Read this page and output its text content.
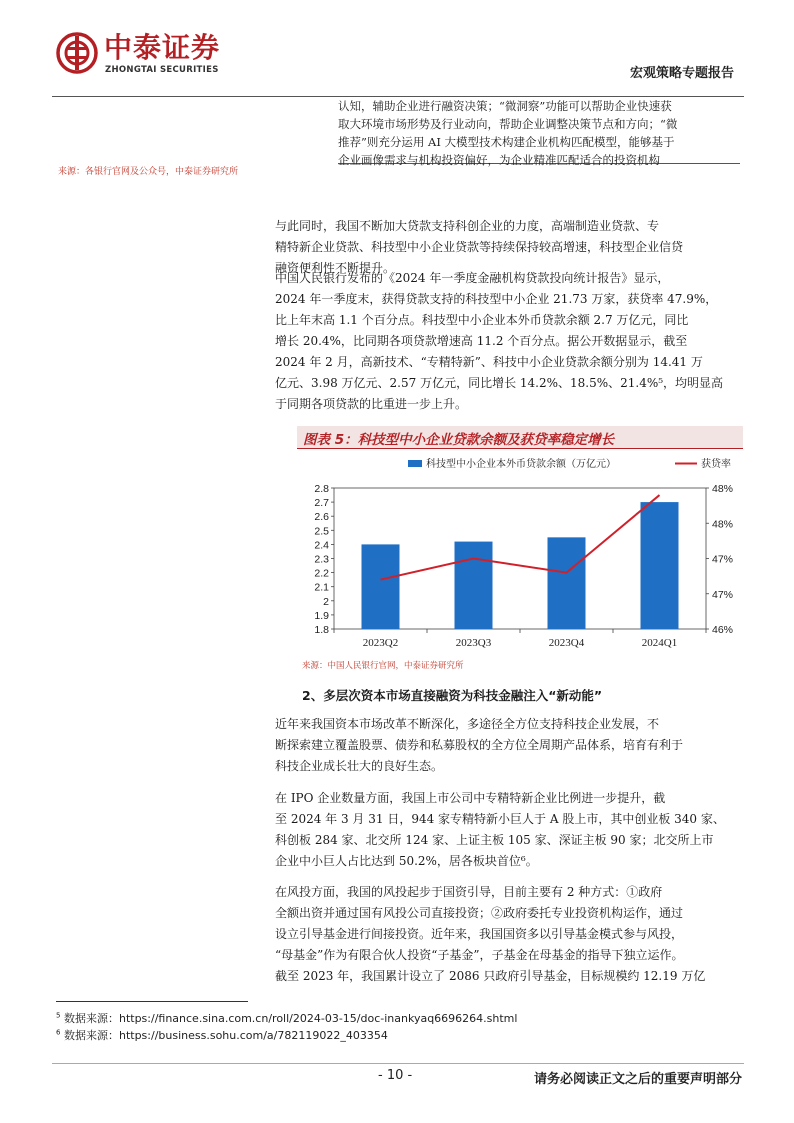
中泰证券
ZHONGTAI SECURITIES	宏观策略专题报告
认知，辅助企业进行融资决策；“微洞察”功能可以帮助企业快速获
取大环境市场形势及行业动向，帮助企业调整决策节点和方向；“微
推荐”则充分运用 AI 大模型技术构建企业机构匹配模型，能够基于
企业画像需求与机构投资偏好，为企业精准匹配适合的投资机构
来源：各银行官网及公众号，中泰证券研究所
与此同时，我国不断加大贷款支持科创企业的力度，高端制造业贷款、专
精特新企业贷款、科技型中小企业贷款等持续保持较高增速，科技型企业信贷
融资便利性不断提升。
中国人民银行发布的《2024 年一季度金融机构贷款投向统计报告》显示，
2024 年一季度末，获得贷款支持的科技型中小企业 21.73 万家，获贷率 47.9%，
比上年末高 1.1 个百分点。科技型中小企业本外币贷款余额 2.7 万亿元，同比
增长 20.4%，比同期各项贷款增速高 11.2 个百分点。据公开数据显示，截至
2024 年 2 月，高新技术、“专精特新”、科技中小企业贷款余额分别为 14.41 万
亿元、3.98 万亿元、2.57 万亿元，同比增长 14.2%、18.5%、21.4%⁵，均明显高
于同期各项贷款的比重进一步上升。
图表 5：科技型中小企业贷款余额及获贷率稳定增长
科技型中小企业本外币贷款余额（万亿元）	获贷率
1.8
1.9
2
2.1
2.2
2.3
2.4
2.5
2.6
2.7
2.8
46%
47%
47%
48%
48%
2023Q2	2023Q3	2023Q4	2024Q1
来源：中国人民银行官网，中泰证券研究所
2、多层次资本市场直接融资为科技金融注入“新动能”
近年来我国资本市场改革不断深化，多途径全方位支持科技企业发展，不
断探索建立覆盖股票、债券和私募股权的全方位全周期产品体系，培育有利于
科技企业成长壮大的良好生态。
在 IPO 企业数量方面，我国上市公司中专精特新企业比例进一步提升，截
至 2024 年 3 月 31 日，944 家专精特新小巨人于 A 股上市，其中创业板 340 家、
科创板 284 家、北交所 124 家、上证主板 105 家、深证主板 90 家；北交所上市
企业中小巨人占比达到 50.2%，居各板块首位⁶。
在风投方面，我国的风投起步于国资引导，目前主要有 2 种方式：①政府
全额出资并通过国有风投公司直接投资；②政府委托专业投资机构运作，通过
设立引导基金进行间接投资。近年来，我国国资多以引导基金模式参与风投，
“母基金”作为有限合伙人投资“子基金”，子基金在母基金的指导下独立运作。
截至 2023 年，我国累计设立了 2086 只政府引导基金，目标规模约 12.19 万亿
$^5$ 数据来源：https://finance.sina.com.cn/roll/2024-03-15/doc-inankyaq6696264.shtml
$^6$ 数据来源：https://business.sohu.com/a/782119022_403354
- 10 -	请务必阅读正文之后的重要声明部分
